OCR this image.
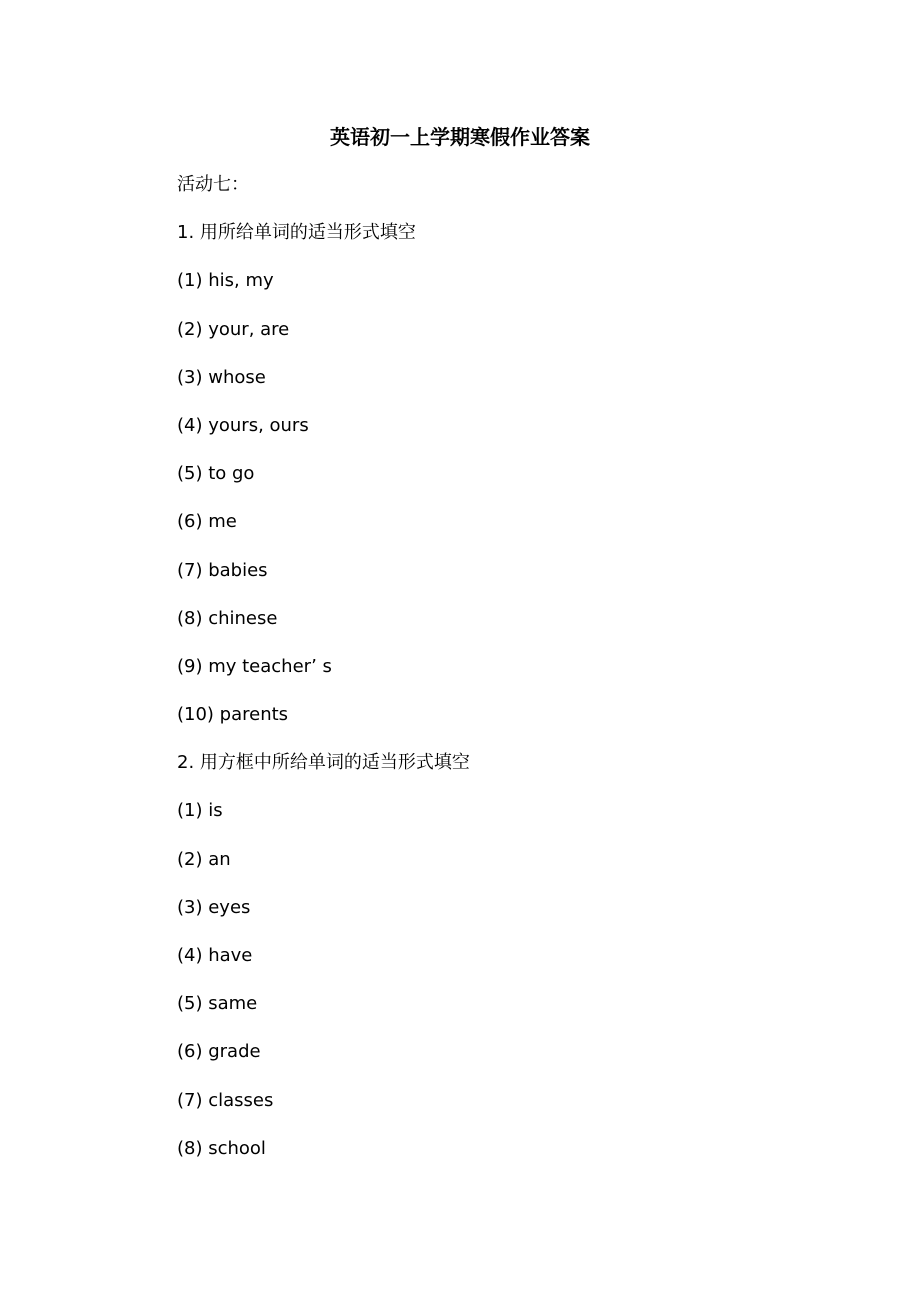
英语初一上学期寒假作业答案
活动七：
1. 用所给单词的适当形式填空
(1) his, my
(2) your, are
(3) whose
(4) yours, ours
(5) to go
(6) me
(7) babies
(8) chinese
(9) my teacher’ s
(10) parents
2. 用方框中所给单词的适当形式填空
(1) is
(2) an
(3) eyes
(4) have
(5) same
(6) grade
(7) classes
(8) school
